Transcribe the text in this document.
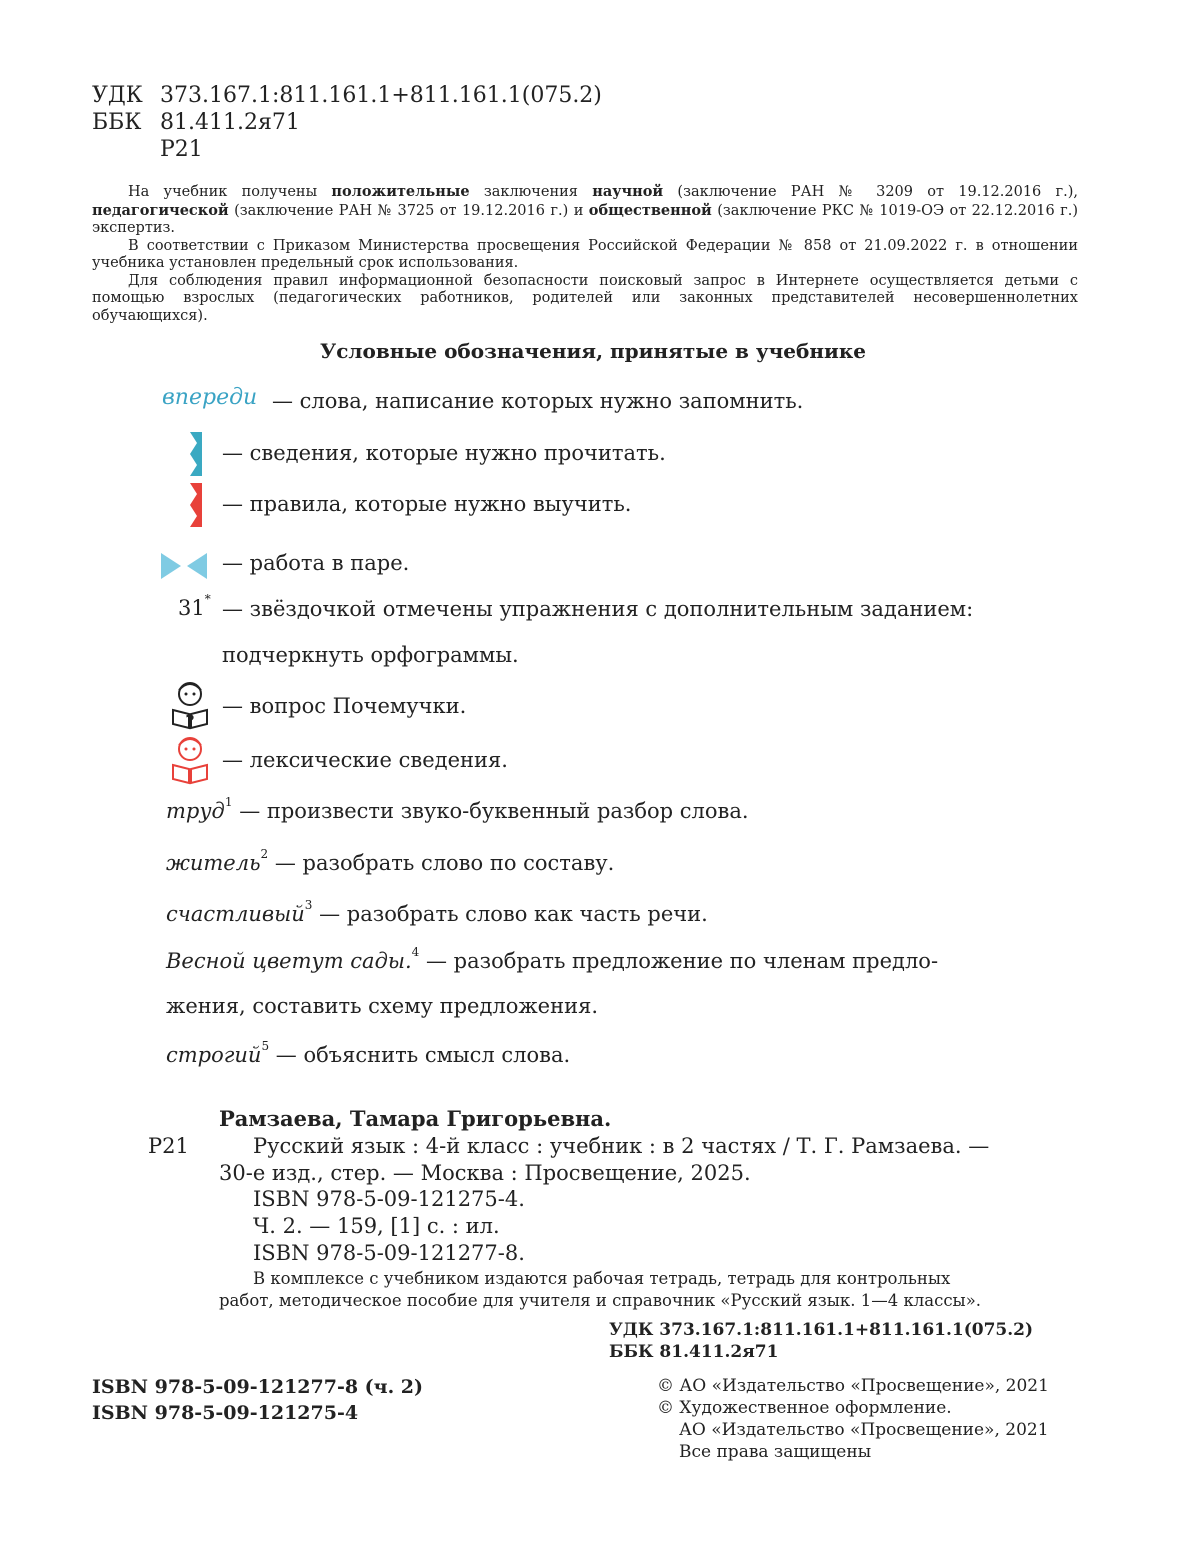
УДК 373.167.1:811.161.1+811.161.1(075.2)
ББК 81.411.2я71
Р21

На учебник получены положительные заключения научной (заключение РАН № 3209 от 19.12.2016 г.), педагогической (заключение РАН № 3725 от 19.12.2016 г.) и общественной (заключение РКС № 1019-ОЭ от 22.12.2016 г.) экспертиз.

В соответствии с Приказом Министерства просвещения Российской Федерации № 858 от 21.09.2022 г. в отношении учебника установлен предельный срок использования.

Для соблюдения правил информационной безопасности поисковый запрос в Интернете осуществляется детьми с помощью взрослых (педагогических работников, родителей или законных представителей несовершеннолетних обучающихся).

Условные обозначения, принятые в учебнике
впереди — слова, написание которых нужно запомнить.
— сведения, которые нужно прочитать.
— правила, которые нужно выучить.
— работа в паре.
31* — звёздочкой отмечены упражнения с дополнительным заданием:
подчеркнуть орфограммы.
?
— вопрос Почемучки.
!
— лексические сведения.
труд$^1$ — произвести звуко-буквенный разбор слова.
житель$^2$ — разобрать слово по составу.
счастливый$^3$ — разобрать слово как часть речи.
Весной цветут сады.$^4$ — разобрать предложение по членам предло-
жения, составить схему предложения.
строгий$^5$ — объяснить смысл слова.
Рамзаева, Тамара Григорьевна.
Р21	Русский язык : 4-й класс : учебник : в 2 частях / Т. Г. Рамзаева. —
30-е изд., стер. — Москва : Просвещение, 2025.
ISBN 978-5-09-121275-4.
Ч. 2. — 159, [1] с. : ил.
ISBN 978-5-09-121277-8.
В комплексе с учебником издаются рабочая тетрадь, тетрадь для контрольных
работ, методическое пособие для учителя и справочник «Русский язык. 1—4 классы».
УДК 373.167.1:811.161.1+811.161.1(075.2)
ББК 81.411.2я71
ISBN 978-5-09-121277-8 (ч. 2)
ISBN 978-5-09-121275-4
© АО «Издательство «Просвещение», 2021
© Художественное оформление.
АО «Издательство «Просвещение», 2021
Все права защищены
